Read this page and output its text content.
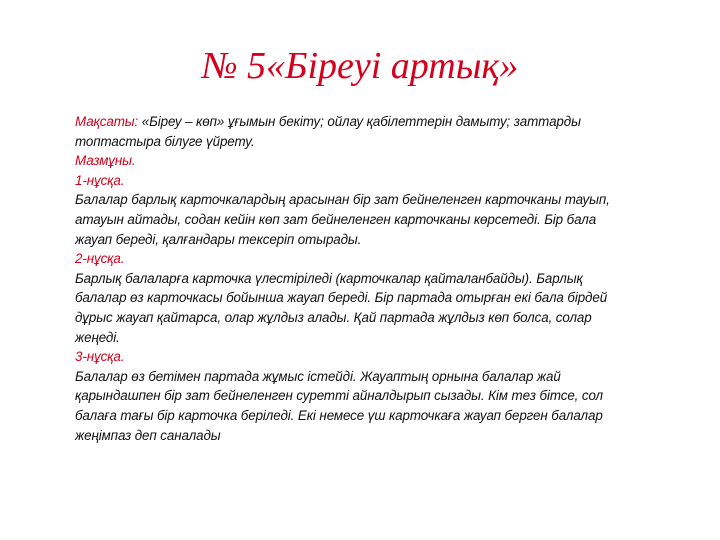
№ 5«Біреуі артық»
Мақсаты: «Біреу – көп» ұғымын бекіту; ойлау қабілеттерін дамыту; заттарды
топтастыра білуге үйрету.
Мазмұны.
1-нұсқа.
Балалар барлық карточкалардың арасынан бір зат бейнеленген карточканы тауып,
атауын айтады, содан кейін көп зат бейнеленген карточканы көрсетеді. Бір бала
жауап береді, қалғандары тексеріп отырады.
2-нұсқа.
Барлық балаларға карточка үлестіріледі (карточкалар қайталанбайды). Барлық
балалар өз карточкасы бойынша жауап береді. Бір партада отырған екі бала бірдей
дұрыс жауап қайтарса, олар жұлдыз алады. Қай партада жұлдыз көп болса, солар
жеңеді.
3-нұсқа.
Балалар өз бетімен партада жұмыс істейді. Жауаптың орнына балалар жай
қарындашпен бір зат бейнеленген суретті айналдырып сызады. Кім тез бітсе, сол
балаға тағы бір карточка беріледі. Екі немесе үш карточкаға жауап берген балалар
жеңімпаз деп саналады
